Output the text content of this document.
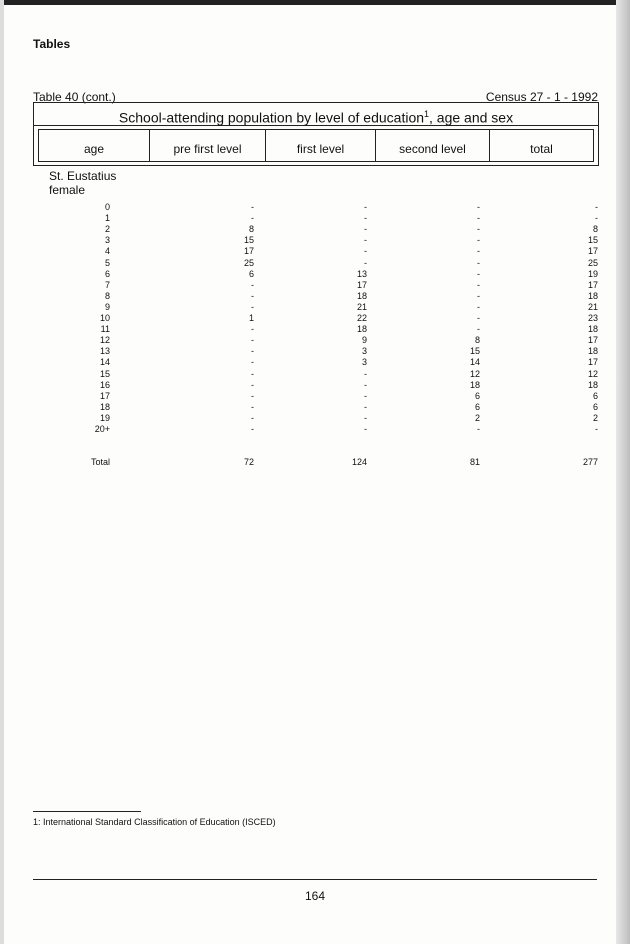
Tables
Table 40 (cont.)	Census 27 - 1 - 1992
School-attending population by level of education$^1$, age and sex
age	pre first level	first level	second level	total
St. Eustatius
female
0	-	-	-	-
1	-	-	-	-
2	8	-	-	8
3	15	-	-	15
4	17	-	-	17
5	25	-	-	25
6	6	13	-	19
7	-	17	-	17
8	-	18	-	18
9	-	21	-	21
10	1	22	-	23
11	-	18	-	18
12	-	9	8	17
13	-	3	15	18
14	-	3	14	17
15	-	-	12	12
16	-	-	18	18
17	-	-	6	6
18	-	-	6	6
19	-	-	2	2
20+	-	-	-	-
Total	72	124	81	277
1: International Standard Classification of Education (ISCED)
164
